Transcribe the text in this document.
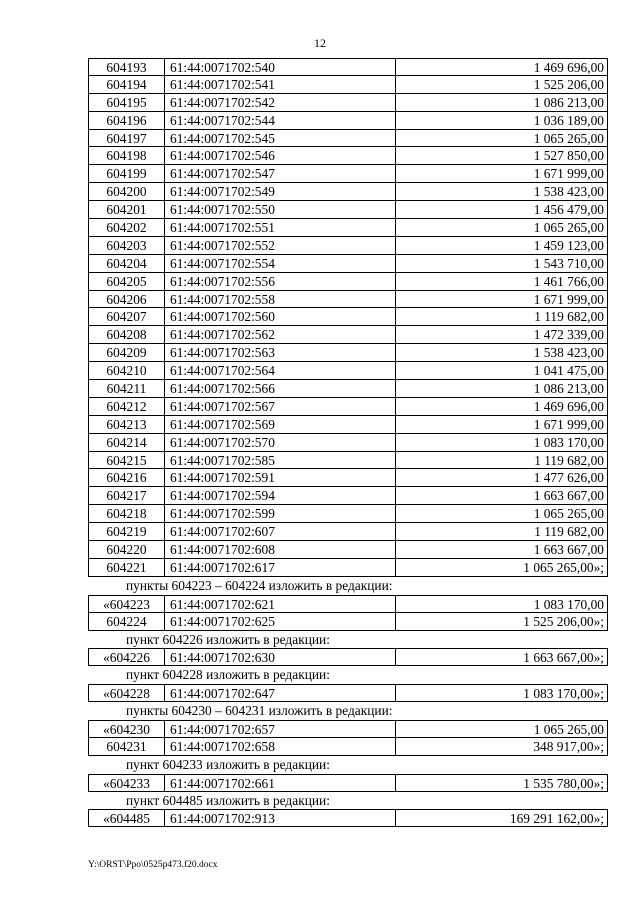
12
604193	61:44:0071702:540	1 469 696,00
604194	61:44:0071702:541	1 525 206,00
604195	61:44:0071702:542	1 086 213,00
604196	61:44:0071702:544	1 036 189,00
604197	61:44:0071702:545	1 065 265,00
604198	61:44:0071702:546	1 527 850,00
604199	61:44:0071702:547	1 671 999,00
604200	61:44:0071702:549	1 538 423,00
604201	61:44:0071702:550	1 456 479,00
604202	61:44:0071702:551	1 065 265,00
604203	61:44:0071702:552	1 459 123,00
604204	61:44:0071702:554	1 543 710,00
604205	61:44:0071702:556	1 461 766,00
604206	61:44:0071702:558	1 671 999,00
604207	61:44:0071702:560	1 119 682,00
604208	61:44:0071702:562	1 472 339,00
604209	61:44:0071702:563	1 538 423,00
604210	61:44:0071702:564	1 041 475,00
604211	61:44:0071702:566	1 086 213,00
604212	61:44:0071702:567	1 469 696,00
604213	61:44:0071702:569	1 671 999,00
604214	61:44:0071702:570	1 083 170,00
604215	61:44:0071702:585	1 119 682,00
604216	61:44:0071702:591	1 477 626,00
604217	61:44:0071702:594	1 663 667,00
604218	61:44:0071702:599	1 065 265,00
604219	61:44:0071702:607	1 119 682,00
604220	61:44:0071702:608	1 663 667,00
604221	61:44:0071702:617	1 065 265,00»;
пункты 604223 – 604224 изложить в редакции:
«604223	61:44:0071702:621	1 083 170,00
604224	61:44:0071702:625	1 525 206,00»;
пункт 604226 изложить в редакции:
«604226	61:44:0071702:630	1 663 667,00»;
пункт 604228 изложить в редакции:
«604228	61:44:0071702:647	1 083 170,00»;
пункты 604230 – 604231 изложить в редакции:
«604230	61:44:0071702:657	1 065 265,00
604231	61:44:0071702:658	348 917,00»;
пункт 604233 изложить в редакции:
«604233	61:44:0071702:661	1 535 780,00»;
пункт 604485 изложить в редакции:
«604485	61:44:0071702:913	169 291 162,00»;
Y:\ORST\Ppo\0525p473.f20.docx
